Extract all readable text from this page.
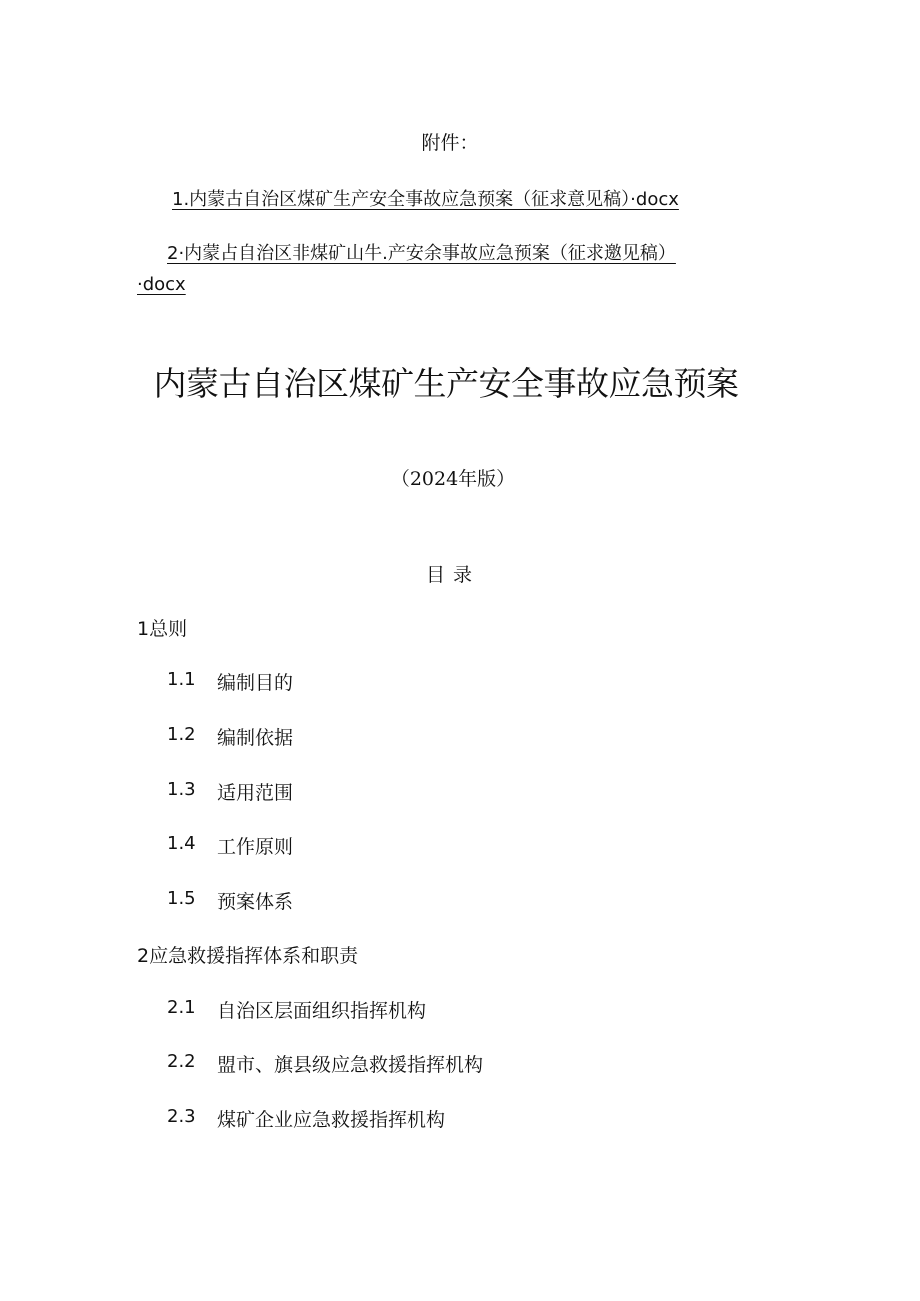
附件：
1.内蒙古自治区煤矿生产安全事故应急预案（征求意见稿）·docx
2·内蒙占自治区非煤矿山牛.产安余事故应急预案（征求邀见稿）
·docx
内蒙古自治区煤矿生产安全事故应急预案
（2024年版）
目录
1总则
1.1 编制目的
1.2 编制依据
1.3 适用范围
1.4 工作原则
1.5 预案体系
2应急救援指挥体系和职责
2.1 自治区层面组织指挥机构
2.2 盟市、旗县级应急救援指挥机构
2.3 煤矿企业应急救援指挥机构
